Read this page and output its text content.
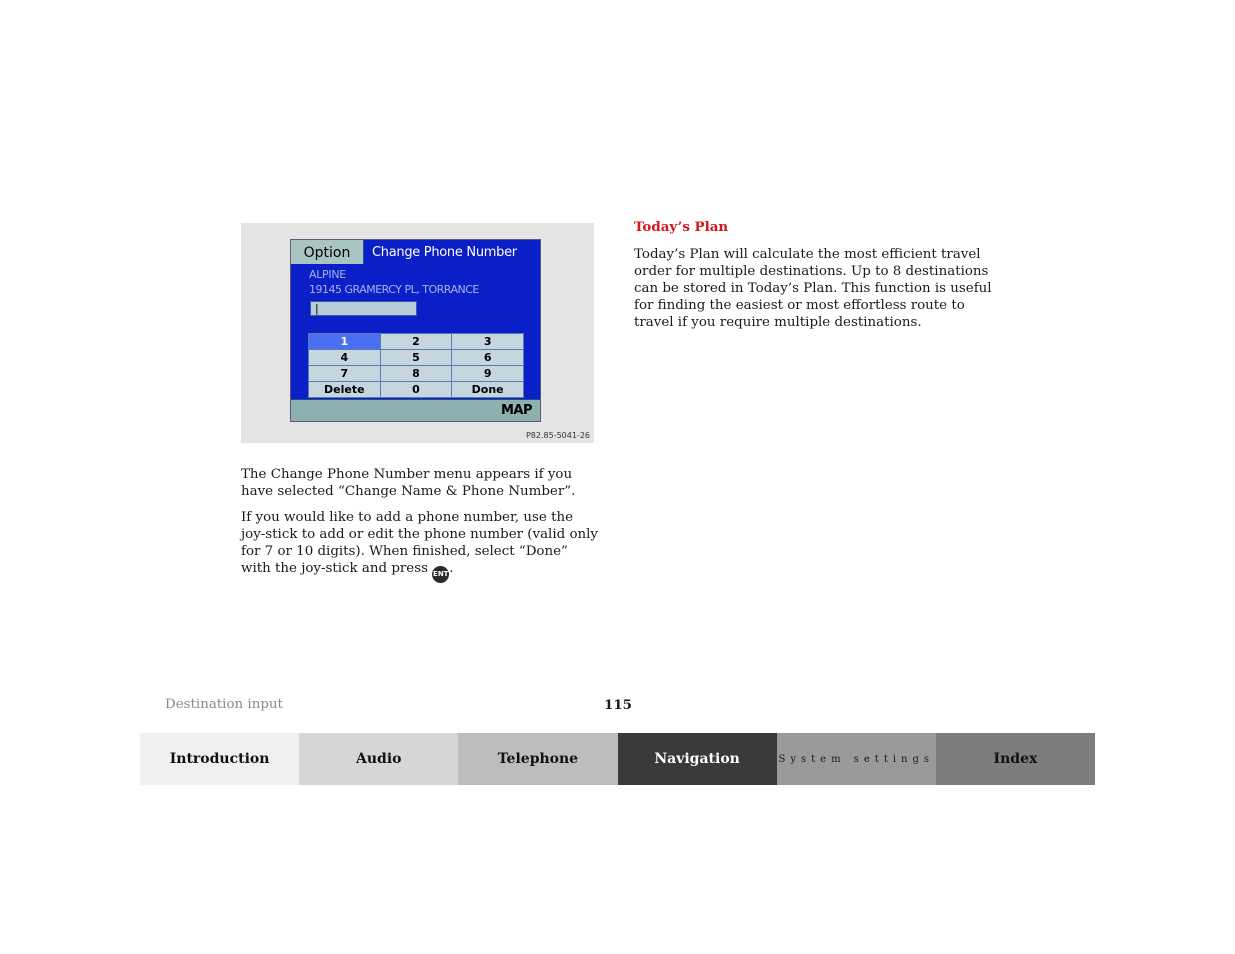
Option	Change Phone Number
ALPINE
19145 GRAMERCY PL, TORRANCE
|
1	2	3
4	5	6
7	8	9
Delete	0	Done
MAP
P82.85-5041-26

The Change Phone Number menu appears if you have selected “Change Name & Phone Number”.

If you would like to add a phone number, use the joy-stick to add or edit the phone number (valid only for 7 or 10 digits). When finished, select “Done” with the joy-stick and press ENT.

Today’s Plan

Today’s Plan will calculate the most efficient travel order for multiple destinations. Up to 8 destinations can be stored in Today’s Plan. This function is useful for finding the easiest or most effortless route to travel if you require multiple destinations.

Destination input	115
Introduction	Audio	Telephone	Navigation	System settings	Index
